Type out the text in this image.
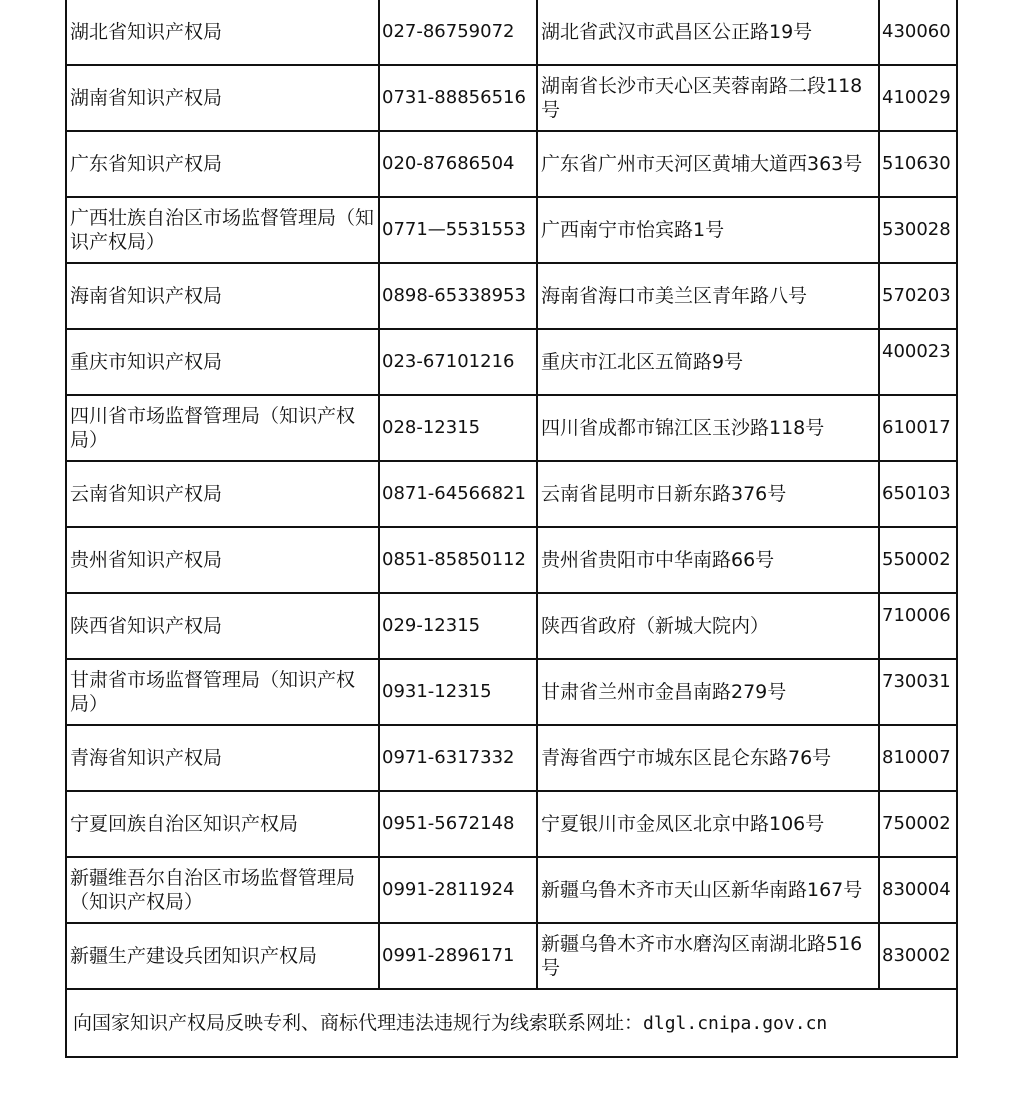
湖北省知识产权局	027-86759072	湖北省武汉市武昌区公正路19号	430060
湖南省知识产权局	0731-88856516	湖南省长沙市天心区芙蓉南路二段118号	410029
广东省知识产权局	020-87686504	广东省广州市天河区黄埔大道西363号	510630
广西壮族自治区市场监督管理局（知识产权局）	0771—5531553	广西南宁市怡宾路1号	530028
海南省知识产权局	0898-65338953	海南省海口市美兰区青年路八号	570203
重庆市知识产权局	023-67101216	重庆市江北区五简路9号	400023
四川省市场监督管理局（知识产权局）	028-12315	四川省成都市锦江区玉沙路118号	610017
云南省知识产权局	0871-64566821	云南省昆明市日新东路376号	650103
贵州省知识产权局	0851-85850112	贵州省贵阳市中华南路66号	550002
陕西省知识产权局	029-12315	陕西省政府（新城大院内）	710006
甘肃省市场监督管理局（知识产权局）	0931-12315	甘肃省兰州市金昌南路279号	730031
青海省知识产权局	0971-6317332	青海省西宁市城东区昆仑东路76号	810007
宁夏回族自治区知识产权局	0951-5672148	宁夏银川市金凤区北京中路106号	750002
新疆维吾尔自治区市场监督管理局（知识产权局）	0991-2811924	新疆乌鲁木齐市天山区新华南路167号	830004
新疆生产建设兵团知识产权局	0991-2896171	新疆乌鲁木齐市水磨沟区南湖北路516号	830002
向国家知识产权局反映专利、商标代理违法违规行为线索联系网址：dlgl.cnipa.gov.cn			
